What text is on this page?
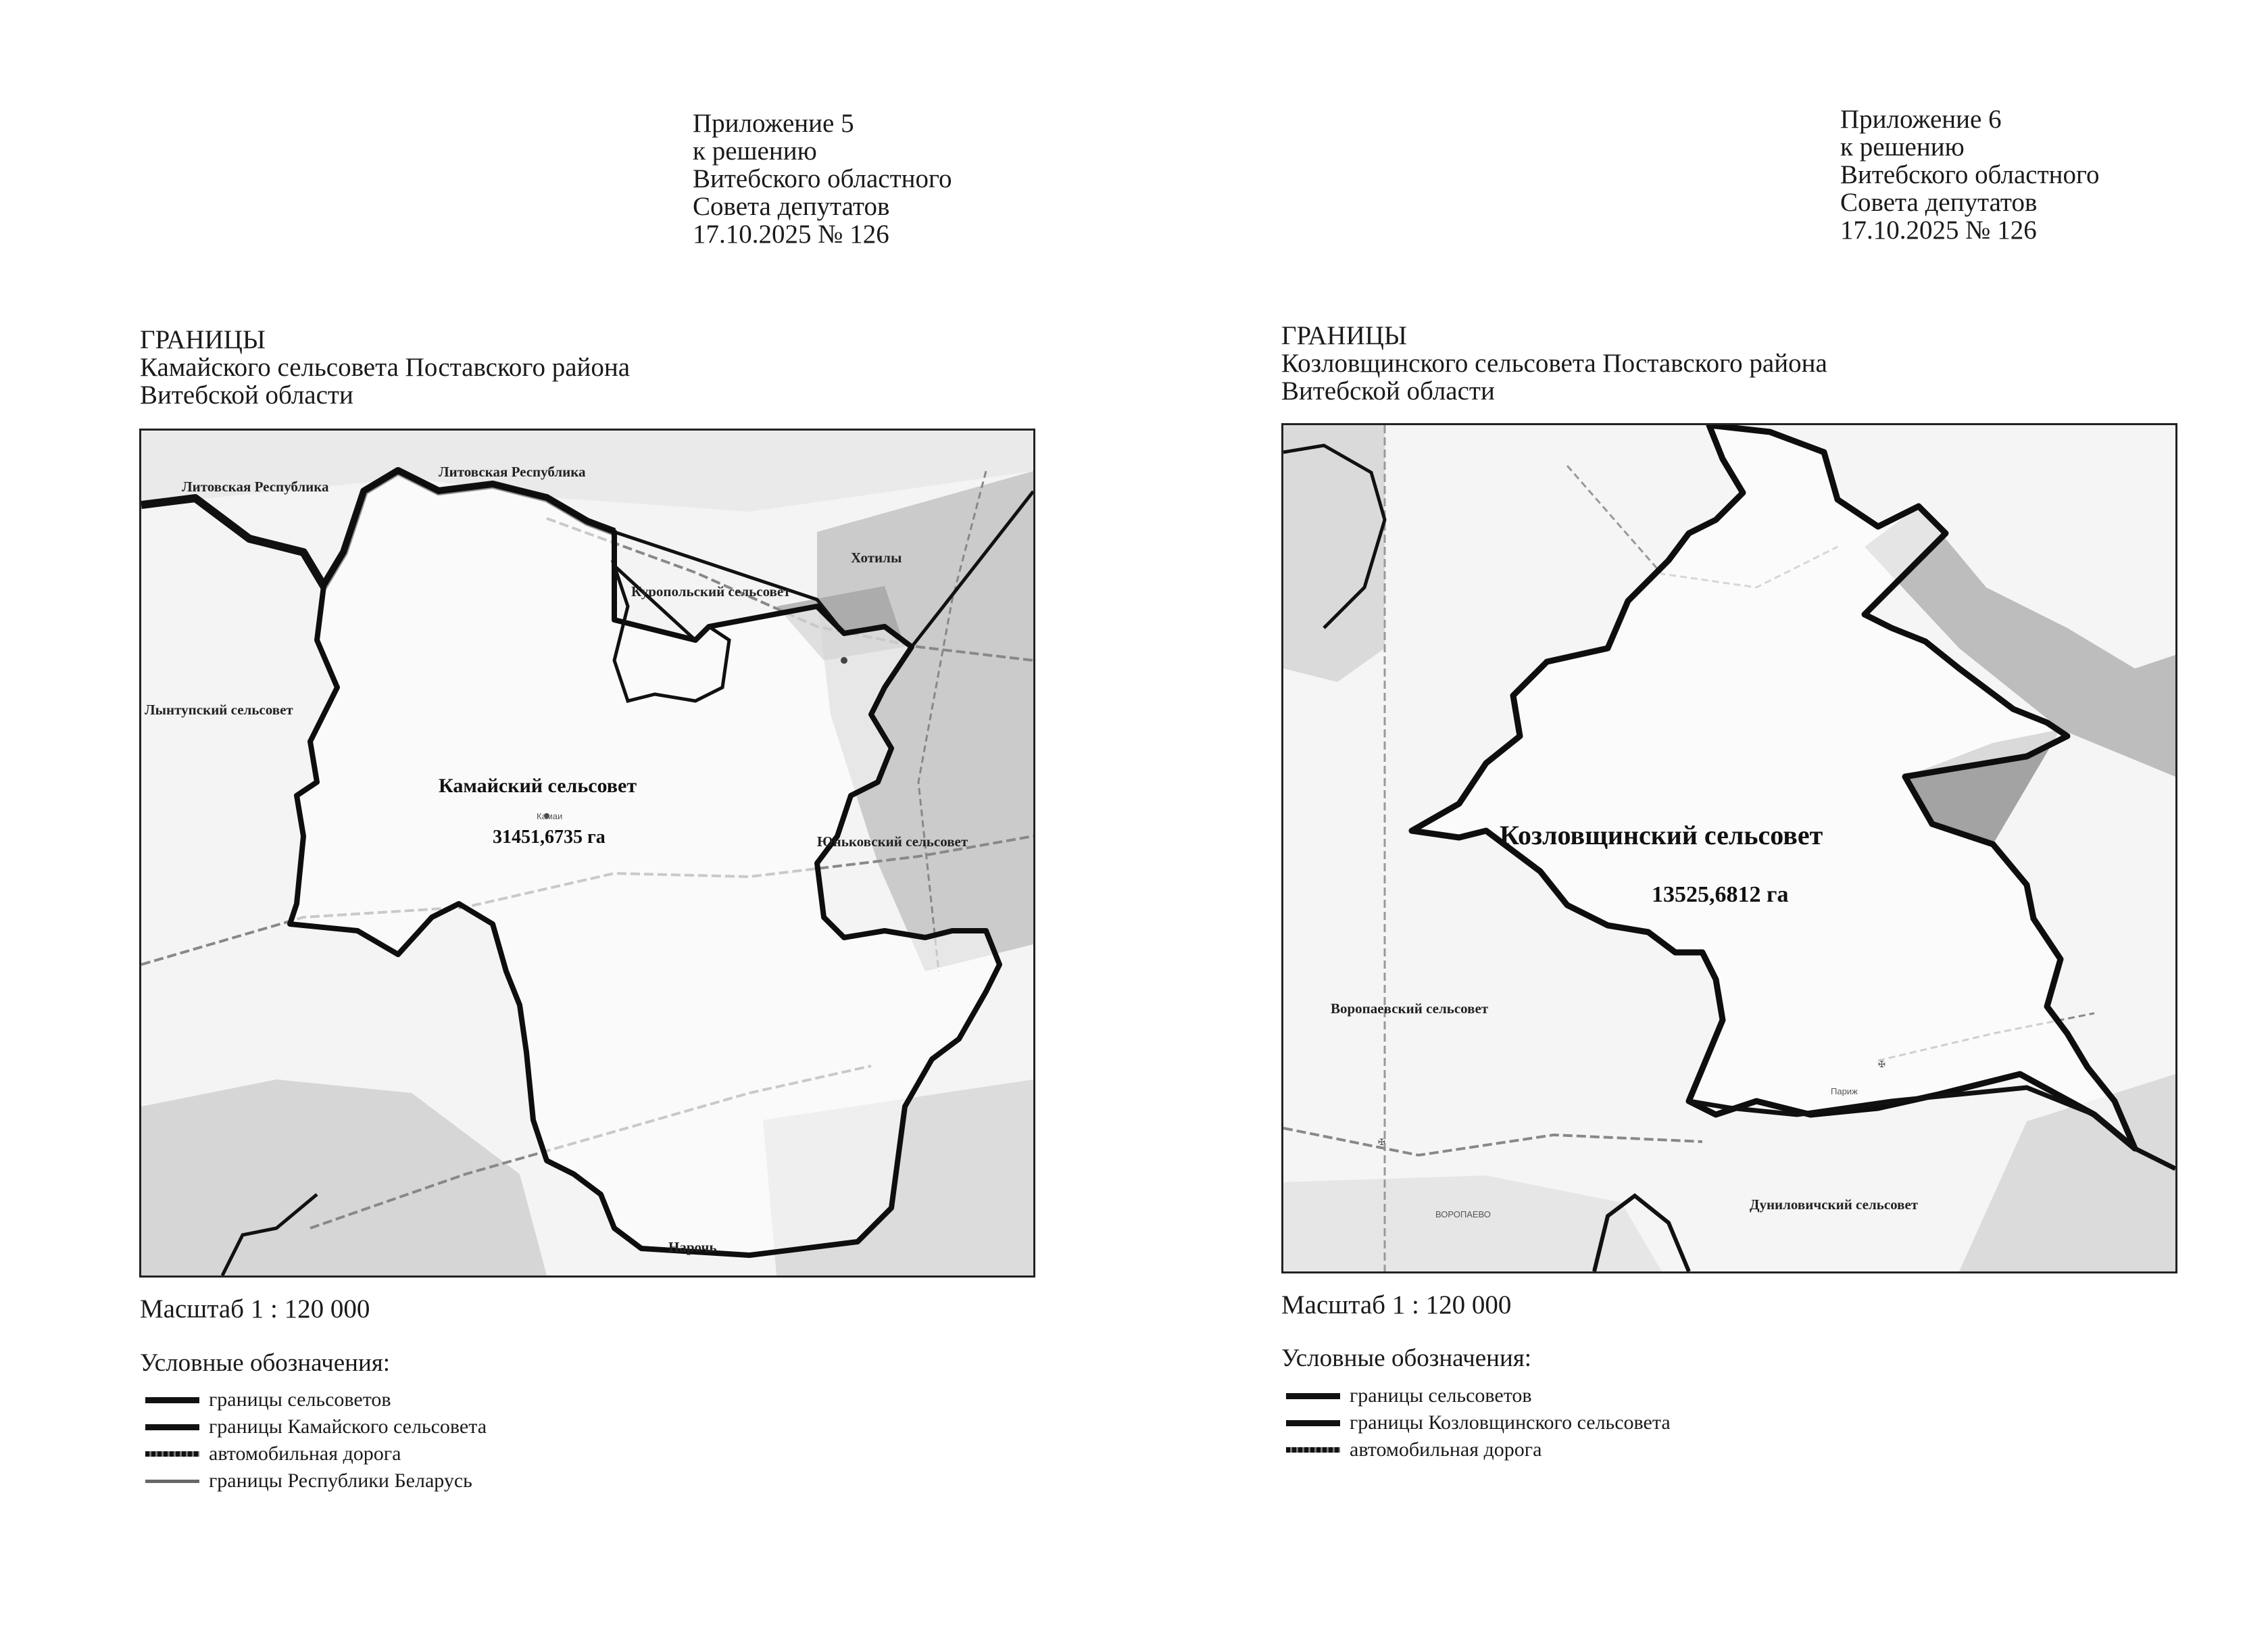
Приложение 5
к решению
Витебского областного
Совета депутатов
17.10.2025 № 126
ГРАНИЦЫ
Камайского сельсовета Поставского района
Витебской области
Литовская Республика
Литовская Республика
Куропольский сельсовет
Хотилы
Лынтупский сельсовет
Камайский сельсовет
Камаи
31451,6735 га	Юньковский сельсовет
Нарочь
Масштаб 1 : 120 000
Условные обозначения:
границы сельсоветов
границы Камайского сельсовета
автомобильная дорога
границы Республики Беларусь
Приложение 6
к решению
Витебского областного
Совета депутатов
17.10.2025 № 126
ГРАНИЦЫ
Козловщинского сельсовета Поставского района
Витебской области
✠
✠
Козловщинский сельсовет
13525,6812 га
Воропаевский сельсовет
ВОРОПАЕВО
Париж
Дуниловичский сельсовет
Масштаб 1 : 120 000
Условные обозначения:
границы сельсоветов
границы Козловщинского сельсовета
автомобильная дорога
